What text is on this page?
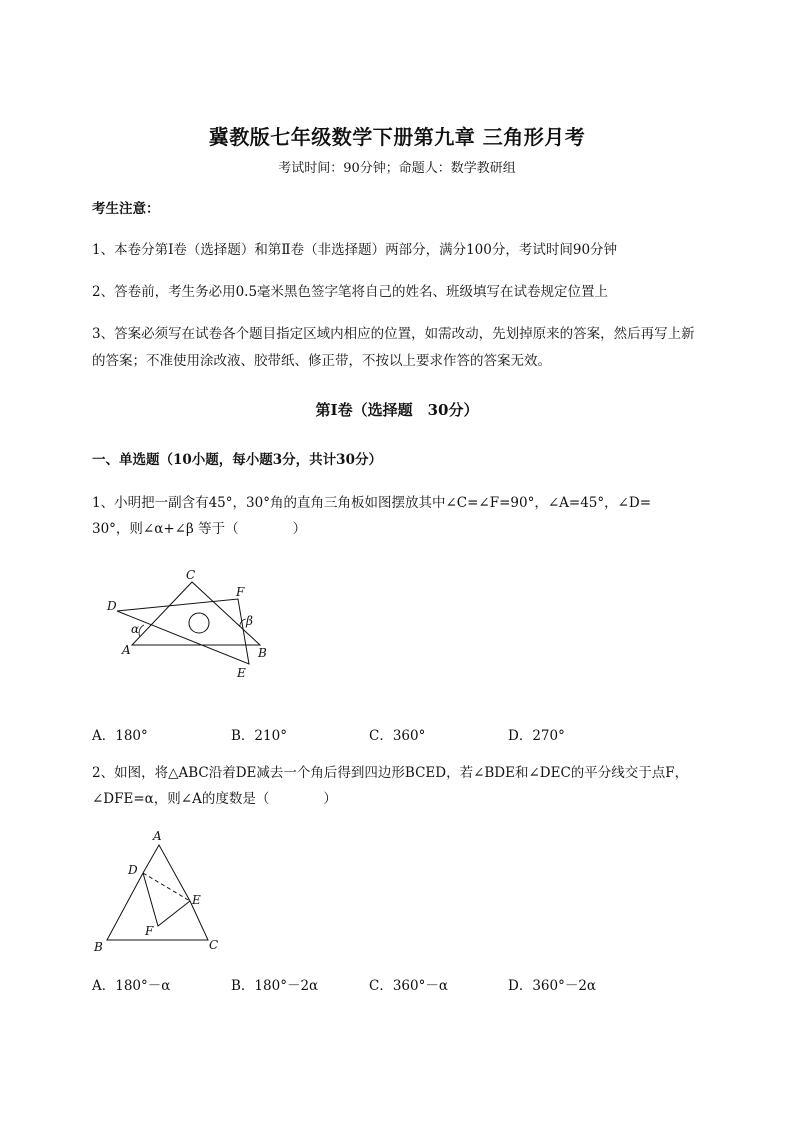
冀教版七年级数学下册第九章 三角形月考
考试时间：90分钟；命题人：数学教研组
考生注意：
1、本卷分第I卷（选择题）和第Ⅱ卷（非选择题）两部分，满分100分，考试时间90分钟
2、答卷前，考生务必用0.5毫米黑色签字笔将自己的姓名、班级填写在试卷规定位置上
3、答案必须写在试卷各个题目指定区域内相应的位置，如需改动，先划掉原来的答案，然后再写上新
的答案；不准使用涂改液、胶带纸、修正带，不按以上要求作答的答案无效。
第I卷（选择题　30分）
一、单选题（10小题，每小题3分，共计30分）
1、小明把一副含有45°，30°角的直角三角板如图摆放其中∠C=∠F=90°，∠A=45°，∠D=
30°，则∠α+∠β 等于（　　　　）
A	B
C
D
E
F
α
β
A．180°	B．210°	C．360°	D．270°
2、如图，将△ABC沿着DE减去一个角后得到四边形BCED，若∠BDE和∠DEC的平分线交于点F，
∠DFE=α，则∠A的度数是（　　　　）
A
B	C
D
E
F
A．180°－α	B．180°－2α	C．360°－α	D．360°－2α
